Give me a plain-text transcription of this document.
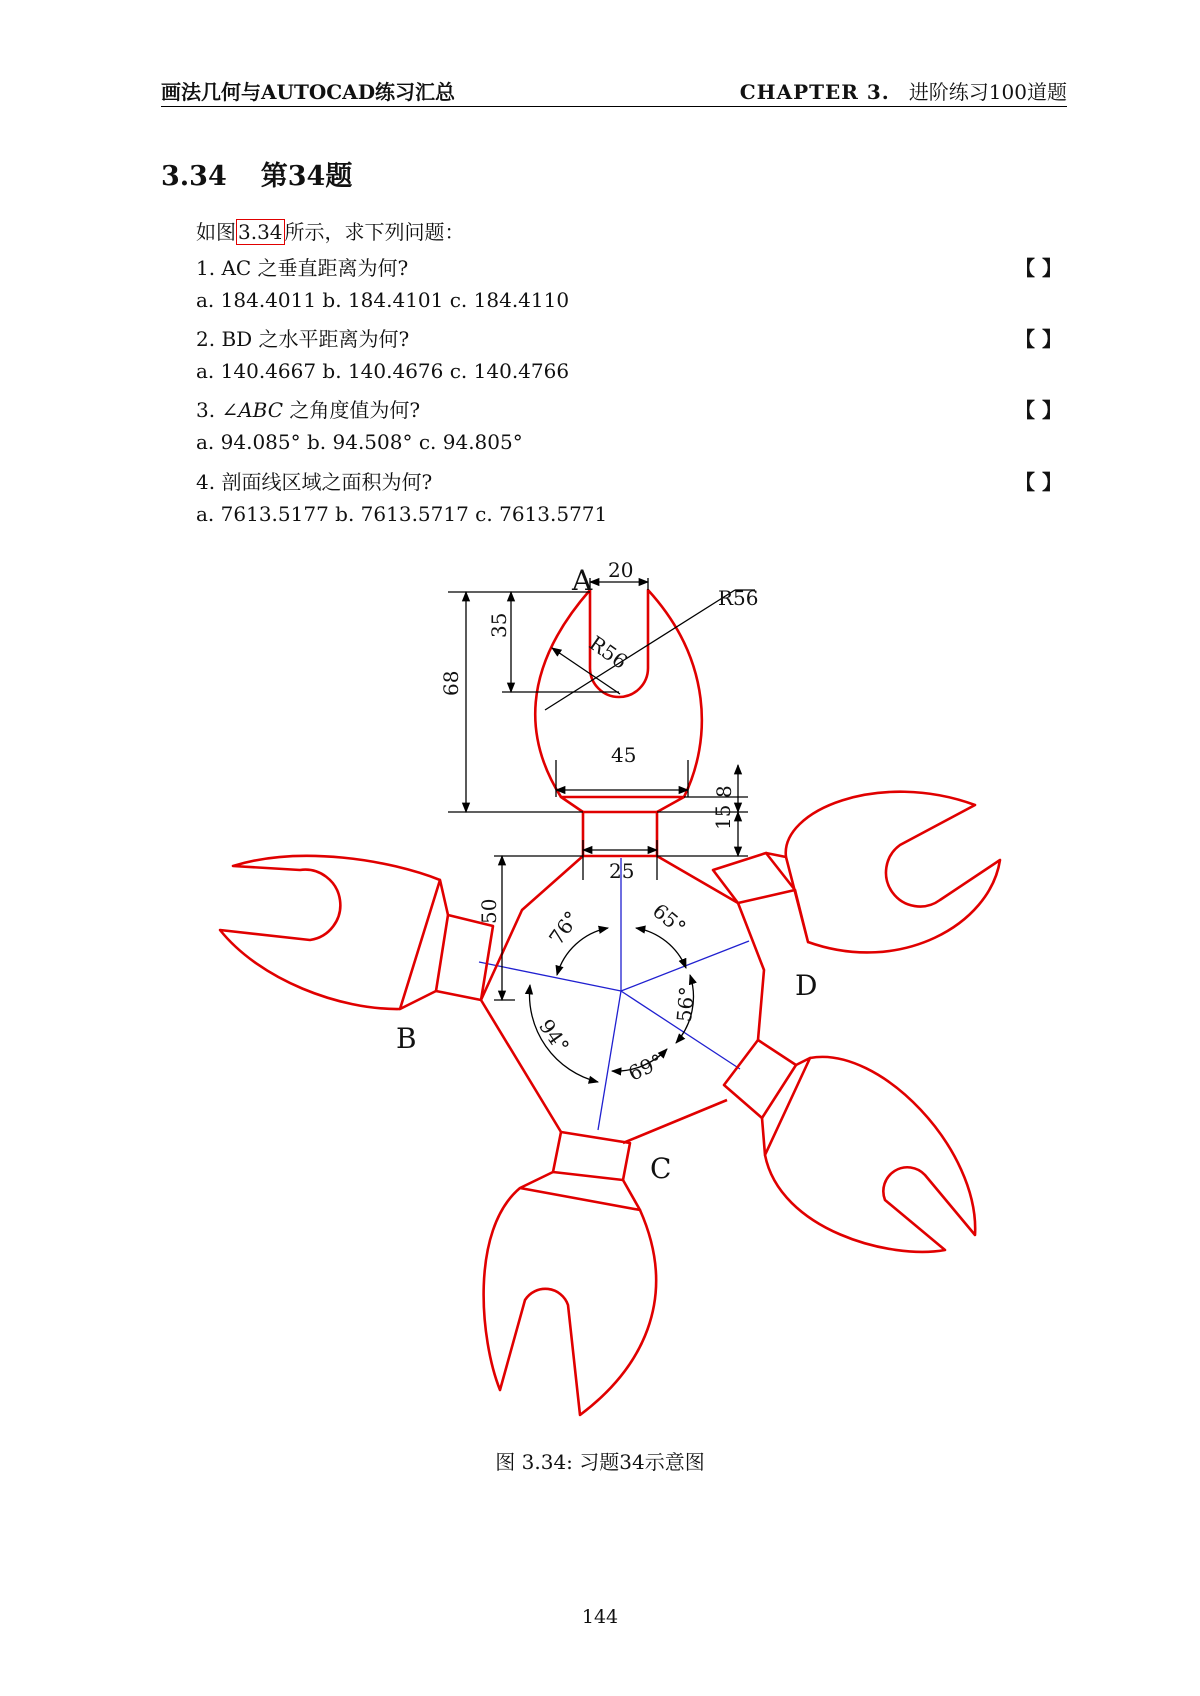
画法几何与AUTOCAD练习汇总	CHAPTER 3. 进阶练习100道题
3.34 第34题
如图 3.34 所示，求下列问题：
1. AC 之垂直距离为何?	【 】
a. 184.4011 b. 184.4101 c. 184.4110
2. BD 之水平距离为何?	【 】
a. 140.4667 b. 140.4676 c. 140.4766
3. ∠ABC 之角度值为何?	【 】
a. 94.085° b. 94.508° c. 94.805°
4. 剖面线区域之面积为何?	【 】
a. 7613.5177 b. 7613.5717 c. 7613.5771
A
B
C
D
20
R56
R56
35
68
45
8
15
25
50 76°	65°
56°
69°
94°
图 3.34: 习题34示意图
144
